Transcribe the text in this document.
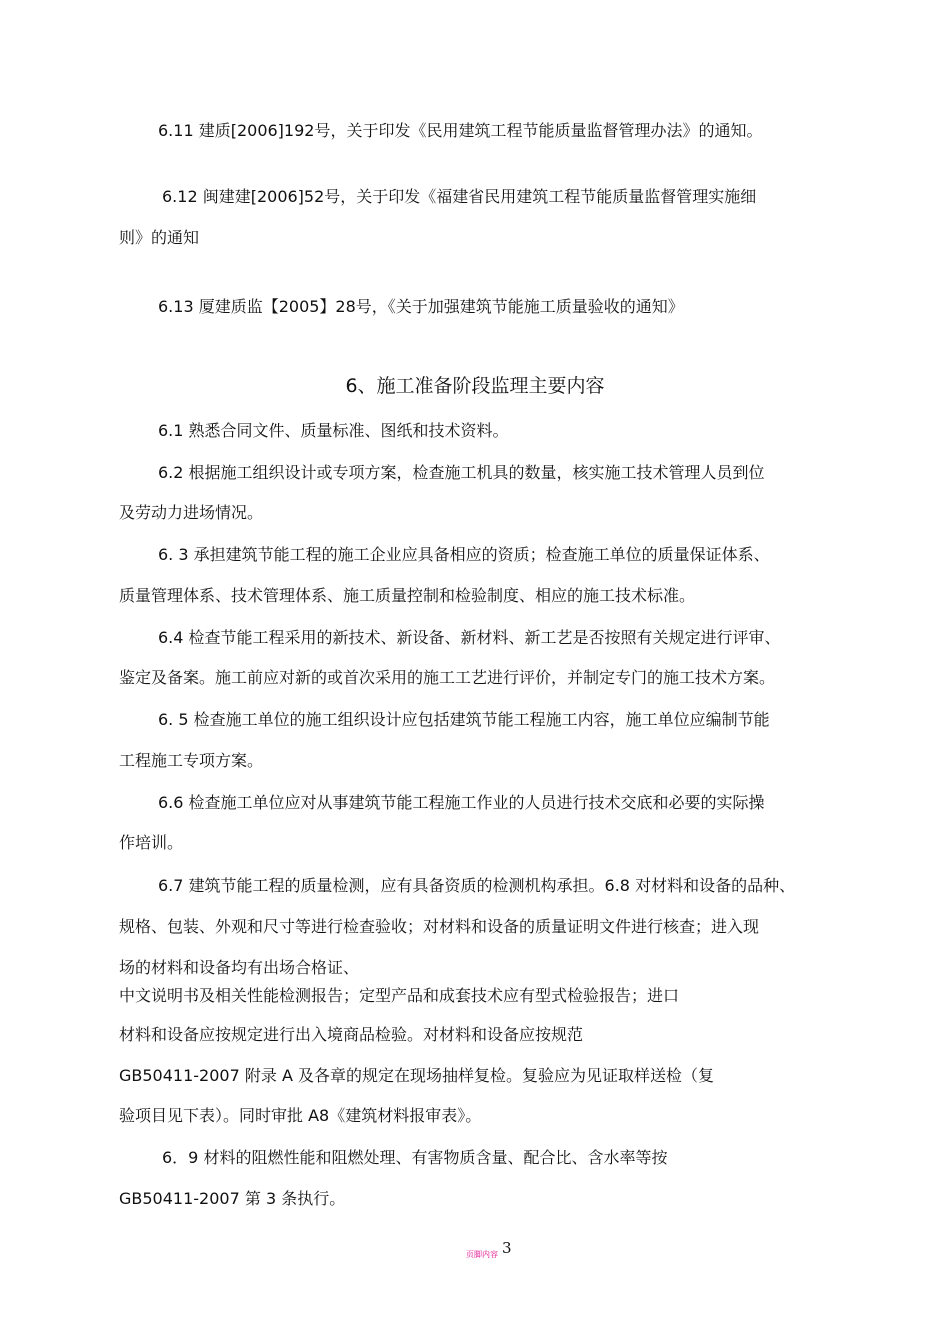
6、施工准备阶段监理主要内容
6.11 建质[2006]192号，关于印发《民用建筑工程节能质量监督管理办法》的通知。
6.12 闽建建[2006]52号，关于印发《福建省民用建筑工程节能质量监督管理实施细
则》的通知
6.13 厦建质监【2005】28号，《关于加强建筑节能施工质量验收的通知》
6.1 熟悉合同文件、质量标准、图纸和技术资料。
6.2 根据施工组织设计或专项方案，检查施工机具的数量，核实施工技术管理人员到位
及劳动力进场情况。
6. 3 承担建筑节能工程的施工企业应具备相应的资质；检查施工单位的质量保证体系、
质量管理体系、技术管理体系、施工质量控制和检验制度、相应的施工技术标准。
6.4 检查节能工程采用的新技术、新设备、新材料、新工艺是否按照有关规定进行评审、
鉴定及备案。施工前应对新的或首次采用的施工工艺进行评价，并制定专门的施工技术方案。
6. 5 检查施工单位的施工组织设计应包括建筑节能工程施工内容，施工单位应编制节能
工程施工专项方案。
6.6 检查施工单位应对从事建筑节能工程施工作业的人员进行技术交底和必要的实际操
作培训。
6.7 建筑节能工程的质量检测，应有具备资质的检测机构承担。6.8 对材料和设备的品种、
规格、包装、外观和尺寸等进行检查验收；对材料和设备的质量证明文件进行核查；进入现
场的材料和设备均有出场合格证、
中文说明书及相关性能检测报告；定型产品和成套技术应有型式检验报告；进口
材料和设备应按规定进行出入境商品检验。对材料和设备应按规范
GB50411-2007 附录 A 及各章的规定在现场抽样复检。复验应为见证取样送检（复
验项目见下表）。同时审批 A8《建筑材料报审表》。
6．9 材料的阻燃性能和阻燃处理、有害物质含量、配合比、含水率等按
GB50411-2007 第 3 条执行。
页脚内容 3
